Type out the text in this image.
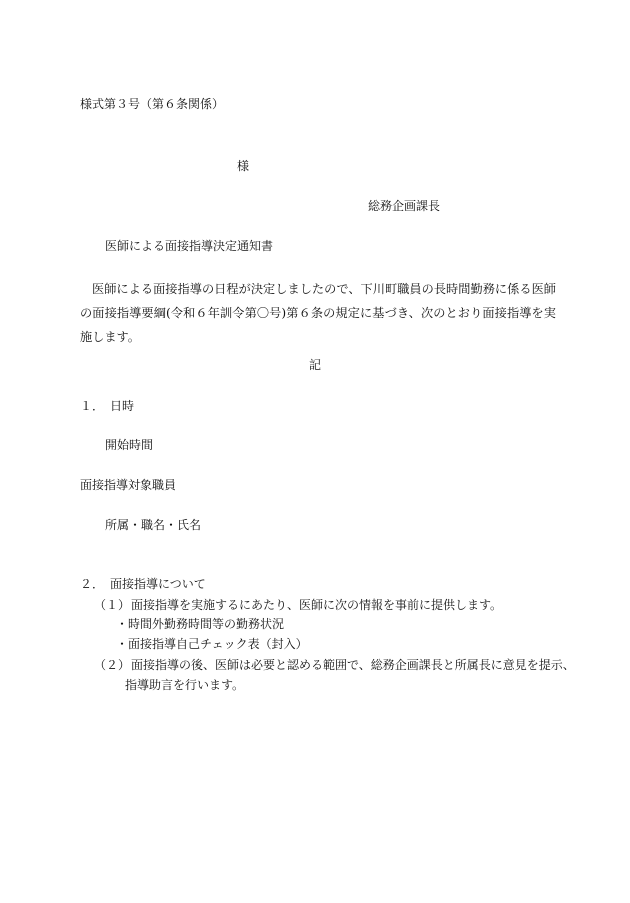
様式第３号（第６条関係）

様

総務企画課長

医師による面接指導決定通知書

医師による面接指導の日程が決定しましたので、下川町職員の長時間勤務に係る医師の面接指導要綱(令和６年訓令第〇号)第６条の規定に基づき、次のとおり面接指導を実施します。

記

１．　日時

開始時間

面接指導対象職員

所属・職名・氏名

２．　面接指導について

（１） 面接指導を実施するにあたり、医師に次の情報を事前に提供します。

・時間外勤務時間等の勤務状況

・面接指導自己チェック表（封入）

（２） 面接指導の後、医師は必要と認める範囲で、総務企画課長と所属長に意見を提示、

指導助言を行います。
